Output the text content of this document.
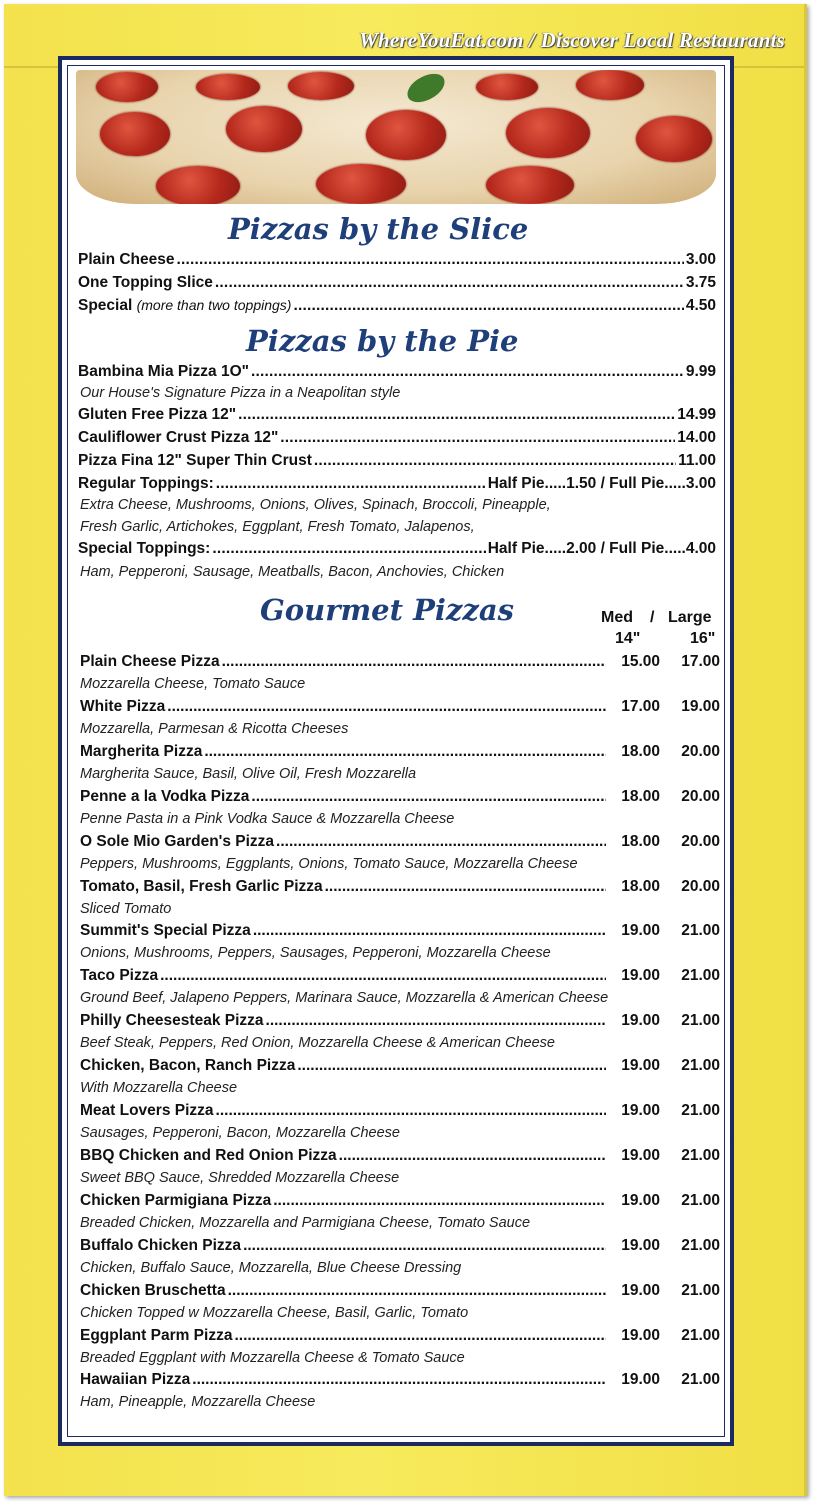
WhereYouEat.com / Discover Local Restaurants
Pizzas by the Slice
Plain Cheese .....	3.00
One Topping Slice .....	3.75
Special
(more than two toppings) .....	4.50
Pizzas by the Pie
Bambina Mia Pizza 1O" .....	9.99
Our House's Signature Pizza in a Neapolitan style
Gluten Free Pizza 12" .....	14.99
Cauliflower Crust Pizza 12" .....	14.00
Pizza Fina 12" Super Thin Crust .....	11.00
Regular Toppings: .....	Half Pie.....1.50 / Full Pie..... 3.00
Extra Cheese, Mushrooms, Onions, Olives, Spinach, Broccoli, Pineapple,
Fresh Garlic, Artichokes, Eggplant, Fresh Tomato, Jalapenos,
Special Toppings: .....	Half Pie.....2.00 / Full Pie..... 4.00
Ham, Pepperoni, Sausage, Meatballs, Bacon, Anchovies, Chicken
Gourmet Pizzas	Med / Large
14"	16"
Plain Cheese Pizza .....	15.00	17.00
Mozzarella Cheese, Tomato Sauce
White Pizza .....	17.00	19.00
Mozzarella, Parmesan & Ricotta Cheeses
Margherita Pizza .....	18.00	20.00
Margherita Sauce, Basil, Olive Oil, Fresh Mozzarella
Penne a la Vodka Pizza .....	18.00	20.00
Penne Pasta in a Pink Vodka Sauce & Mozzarella Cheese
O Sole Mio Garden's Pizza .....	18.00	20.00
Peppers, Mushrooms, Eggplants, Onions, Tomato Sauce, Mozzarella Cheese
Tomato, Basil, Fresh Garlic Pizza .....	18.00	20.00
Sliced Tomato
Summit's Special Pizza .....	19.00	21.00
Onions, Mushrooms, Peppers, Sausages, Pepperoni, Mozzarella Cheese
Taco Pizza .....	19.00	21.00
Ground Beef, Jalapeno Peppers, Marinara Sauce, Mozzarella & American Cheese
Philly Cheesesteak Pizza .....	19.00	21.00
Beef Steak, Peppers, Red Onion, Mozzarella Cheese & American Cheese
Chicken, Bacon, Ranch Pizza .....	19.00	21.00
With Mozzarella Cheese
Meat Lovers Pizza .....	19.00	21.00
Sausages, Pepperoni, Bacon, Mozzarella Cheese
BBQ Chicken and Red Onion Pizza .....	19.00	21.00
Sweet BBQ Sauce, Shredded Mozzarella Cheese
Chicken Parmigiana Pizza .....	19.00	21.00
Breaded Chicken, Mozzarella and Parmigiana Cheese, Tomato Sauce
Buffalo Chicken Pizza .....	19.00	21.00
Chicken, Buffalo Sauce, Mozzarella, Blue Cheese Dressing
Chicken Bruschetta .....	19.00	21.00
Chicken Topped w Mozzarella Cheese, Basil, Garlic, Tomato
Eggplant Parm Pizza .....	19.00	21.00
Breaded Eggplant with Mozzarella Cheese & Tomato Sauce
Hawaiian Pizza .....	19.00	21.00
Ham, Pineapple, Mozzarella Cheese
